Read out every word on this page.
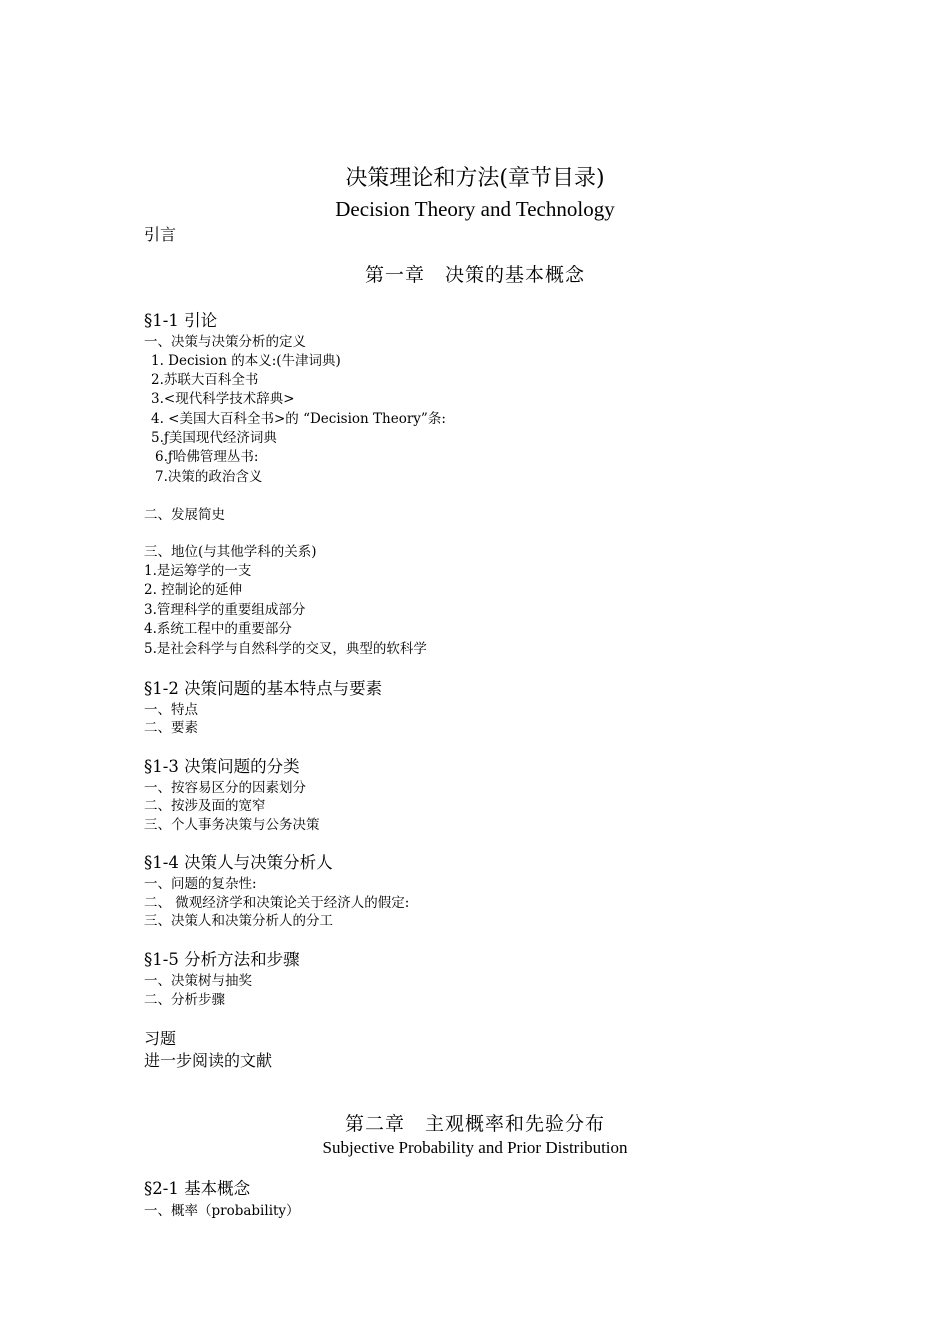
决策理论和方法(章节目录)
Decision Theory and Technology
引言
第一章　决策的基本概念
§1-1 引论
一、决策与决策分析的定义
1. Decision 的本义:(牛津词典)
2.苏联大百科全书
3.<现代科学技术辞典>
4. <美国大百科全书>的 “Decision Theory”条:
5.ƒ美国现代经济词典
6.ƒ哈佛管理丛书:
7.决策的政治含义
二、发展简史
三、地位(与其他学科的关系)
1.是运筹学的一支
2. 控制论的延伸
3.管理科学的重要组成部分
4.系统工程中的重要部分
5.是社会科学与自然科学的交叉，典型的软科学
§1-2 决策问题的基本特点与要素
一、特点
二、要素
§1-3 决策问题的分类
一、按容易区分的因素划分
二、按涉及面的宽窄
三、个人事务决策与公务决策
§1-4 决策人与决策分析人
一、问题的复杂性:
二、 微观经济学和决策论关于经济人的假定:
三、决策人和决策分析人的分工
§1-5 分析方法和步骤
一、决策树与抽奖
二、分析步骤
习题
进一步阅读的文献
第二章　主观概率和先验分布
Subjective Probability and Prior Distribution
§2-1 基本概念
一、概率（probability）
